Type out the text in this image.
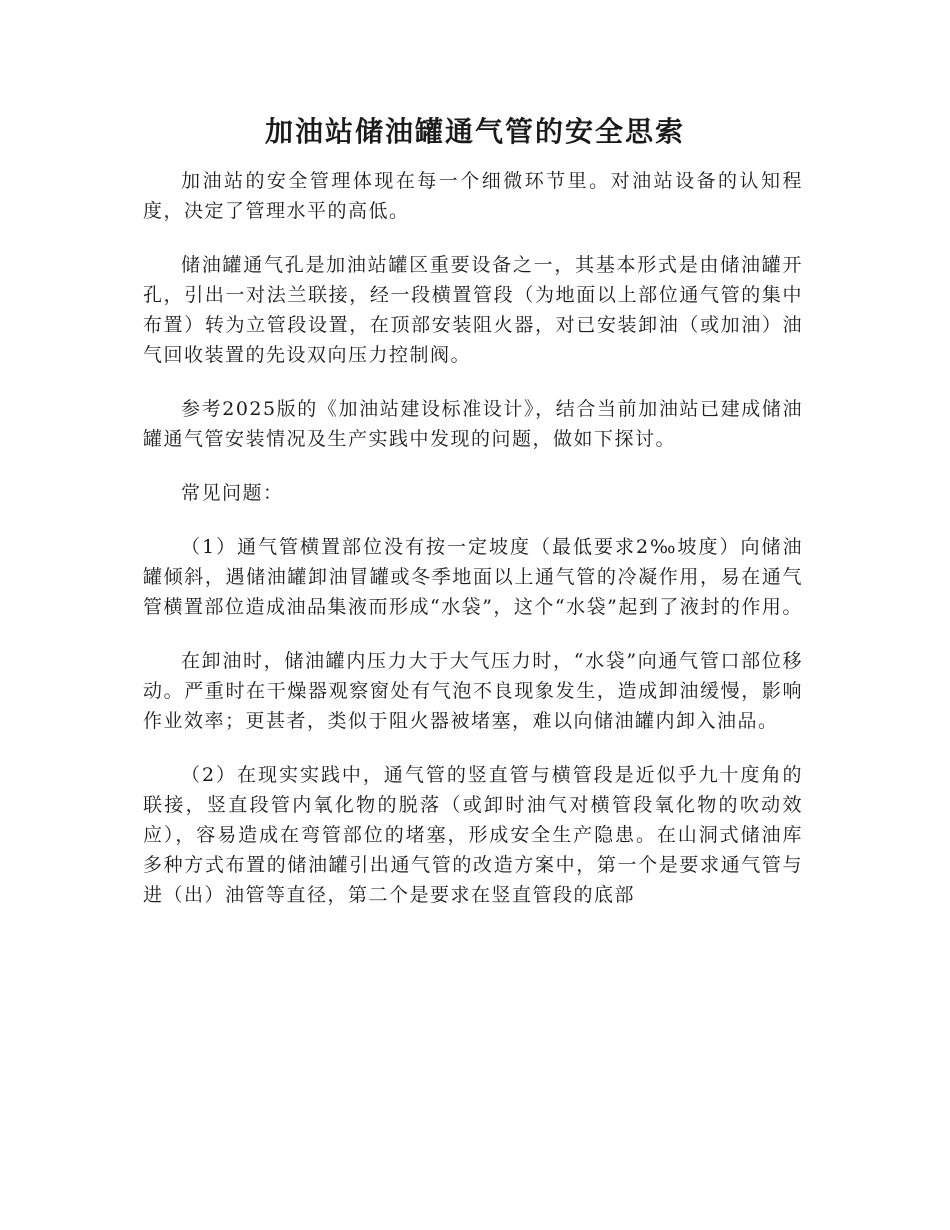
加油站储油罐通气管的安全思索

加油站的安全管理体现在每一个细微环节里。对油站设备的认知程度，决定了管理水平的高低。

储油罐通气孔是加油站罐区重要设备之一，其基本形式是由储油罐开孔，引出一对法兰联接，经一段横置管段（为地面以上部位通气管的集中布置）转为立管段设置，在顶部安装阻火器，对已安装卸油（或加油）油气回收装置的先设双向压力控制阀。

参考2025版的《加油站建设标准设计》，结合当前加油站已建成储油罐通气管安装情况及生产实践中发现的问题，做如下探讨。

常见问题：

（1）通气管横置部位没有按一定坡度（最低要求2‰坡度）向储油罐倾斜，遇储油罐卸油冒罐或冬季地面以上通气管的冷凝作用，易在通气管横置部位造成油品集液而形成“水袋”，这个“水袋”起到了液封的作用。

在卸油时，储油罐内压力大于大气压力时，“水袋”向通气管口部位移动。严重时在干燥器观察窗处有气泡不良现象发生，造成卸油缓慢，影响作业效率；更甚者，类似于阻火器被堵塞，难以向储油罐内卸入油品。

（2）在现实实践中，通气管的竖直管与横管段是近似乎九十度角的联接，竖直段管内氧化物的脱落（或卸时油气对横管段氧化物的吹动效应），容易造成在弯管部位的堵塞，形成安全生产隐患。在山洞式储油库多种方式布置的储油罐引出通气管的改造方案中，第一个是要求通气管与进（出）油管等直径，第二个是要求在竖直管段的底部
